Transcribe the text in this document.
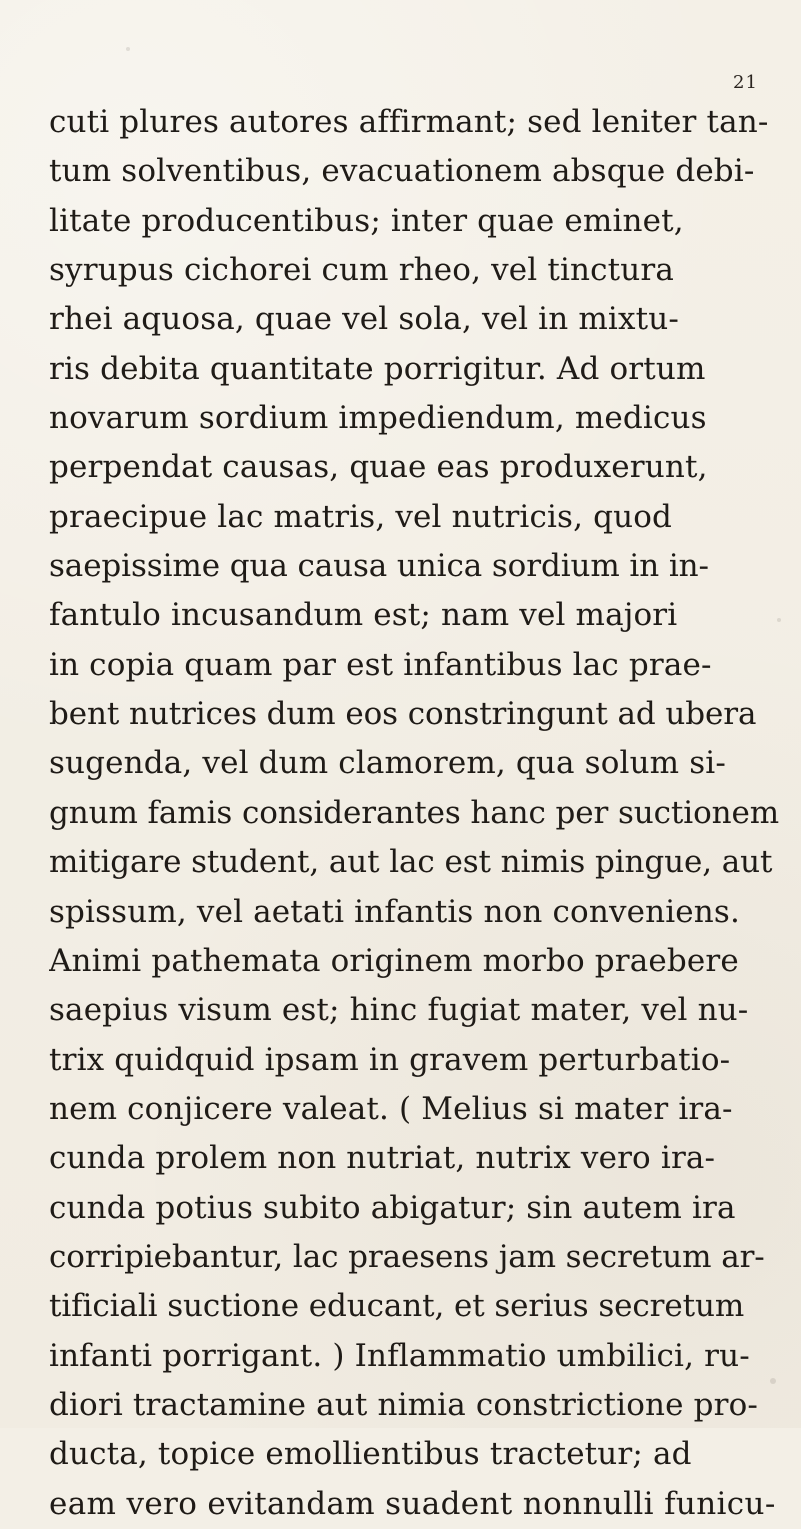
21
cuti plures autores affirmant; sed leniter tan-
tum solventibus, evacuationem absque debi-
litate producentibus; inter quae eminet,
syrupus cichorei cum rheo, vel tinctura
rhei aquosa, quae vel sola, vel in mixtu-
ris debita quantitate porrigitur. Ad ortum
novarum sordium impediendum, medicus
perpendat causas, quae eas produxerunt,
praecipue lac matris, vel nutricis, quod
saepissime qua causa unica sordium in in-
fantulo incusandum est; nam vel majori
in copia quam par est infantibus lac prae-
bent nutrices dum eos constringunt ad ubera
sugenda, vel dum clamorem, qua solum si-
gnum famis considerantes hanc per suctionem
mitigare student, aut lac est nimis pingue, aut
spissum, vel aetati infantis non conveniens.
Animi pathemata originem morbo praebere
saepius visum est; hinc fugiat mater, vel nu-
trix quidquid ipsam in gravem perturbatio-
nem conjicere valeat. ( Melius si mater ira-
cunda prolem non nutriat, nutrix vero ira-
cunda potius subito abigatur; sin autem ira
corripiebantur, lac praesens jam secretum ar-
tificiali suctione educant, et serius secretum
infanti porrigant. ) Inflammatio umbilici, ru-
diori tractamine aut nimia constrictione pro-
ducta, topice emollientibus tractetur; ad
eam vero evitandam suadent nonnulli funicu-
